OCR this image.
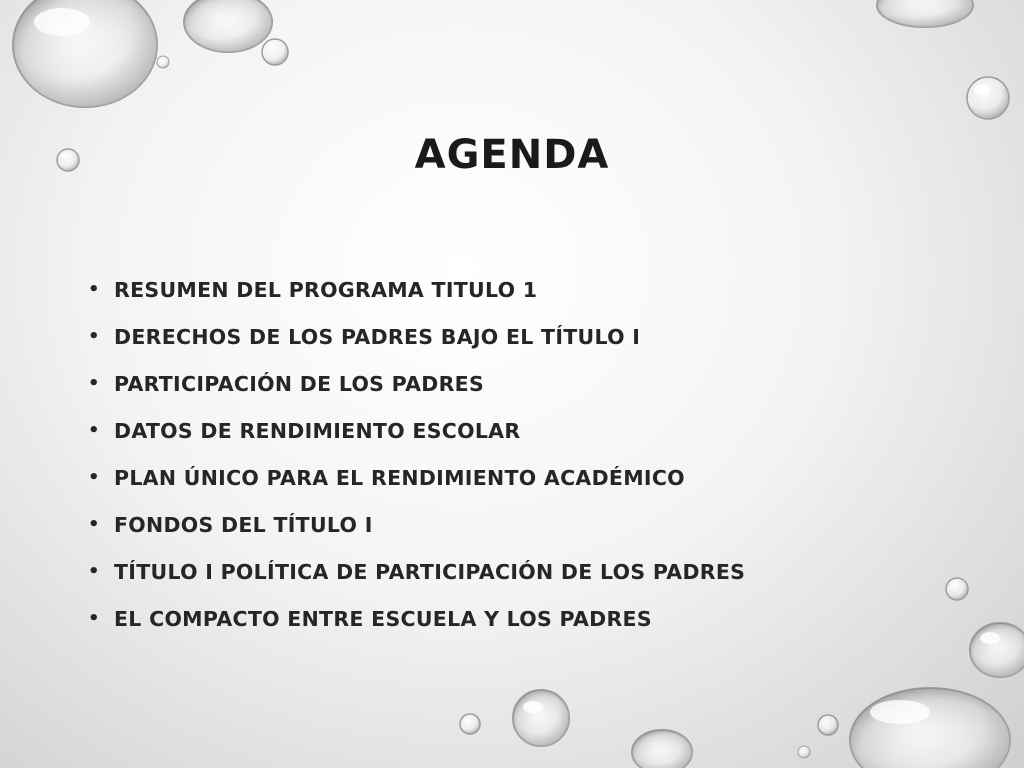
AGENDA
• RESUMEN DEL PROGRAMA TITULO 1
• DERECHOS DE LOS PADRES BAJO EL TÍTULO I
• PARTICIPACIÓN DE LOS PADRES
• DATOS DE RENDIMIENTO ESCOLAR
• PLAN ÚNICO PARA EL RENDIMIENTO ACADÉMICO
• FONDOS DEL TÍTULO I
• TÍTULO I POLÍTICA DE PARTICIPACIÓN DE LOS PADRES
• EL COMPACTO ENTRE ESCUELA Y LOS PADRES
